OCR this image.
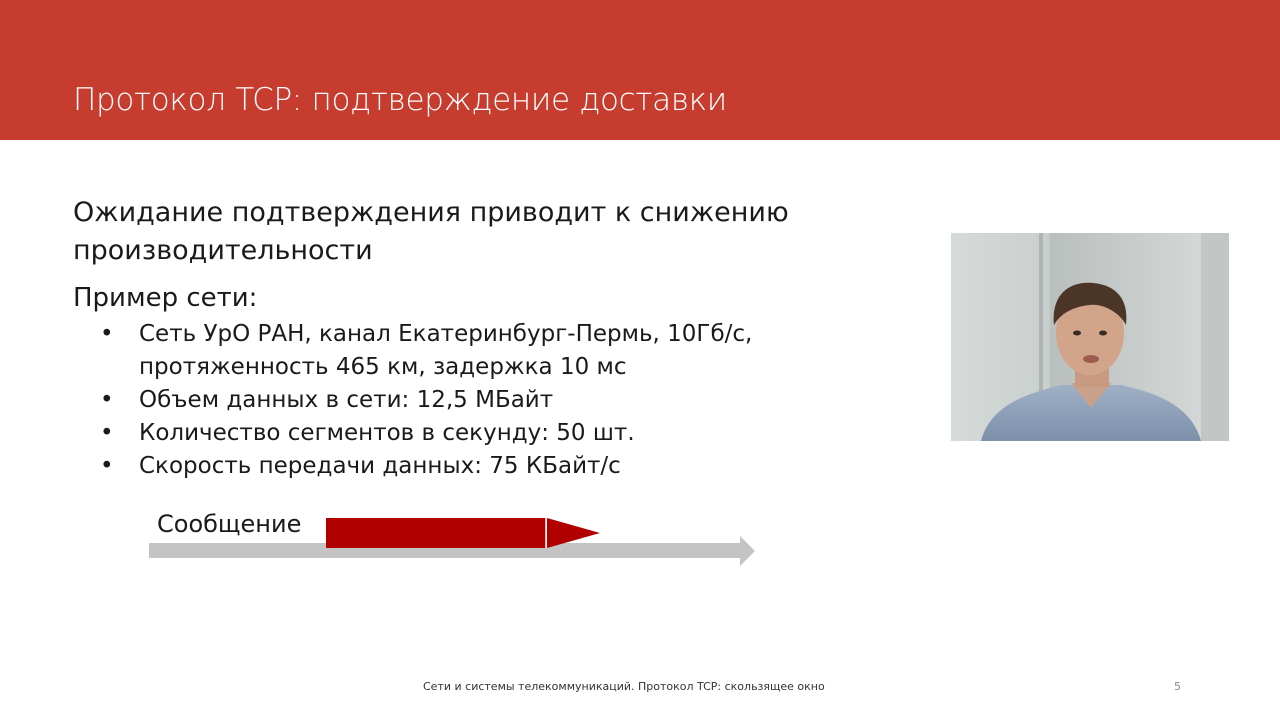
Протокол TCP: подтверждение доставки
Ожидание подтверждения приводит к снижению производительности
Пример сети:
• Сеть УрО РАН, канал Екатеринбург-Пермь, 10Гб/с, протяженность 465 км, задержка 10 мс
• Объем данных в сети: 12,5 МБайт
• Количество сегментов в секунду: 50 шт.
• Скорость передачи данных: 75 КБайт/с
Сообщение
Сети и системы телекоммуникаций. Протокол TCP: скользящее окно	5
